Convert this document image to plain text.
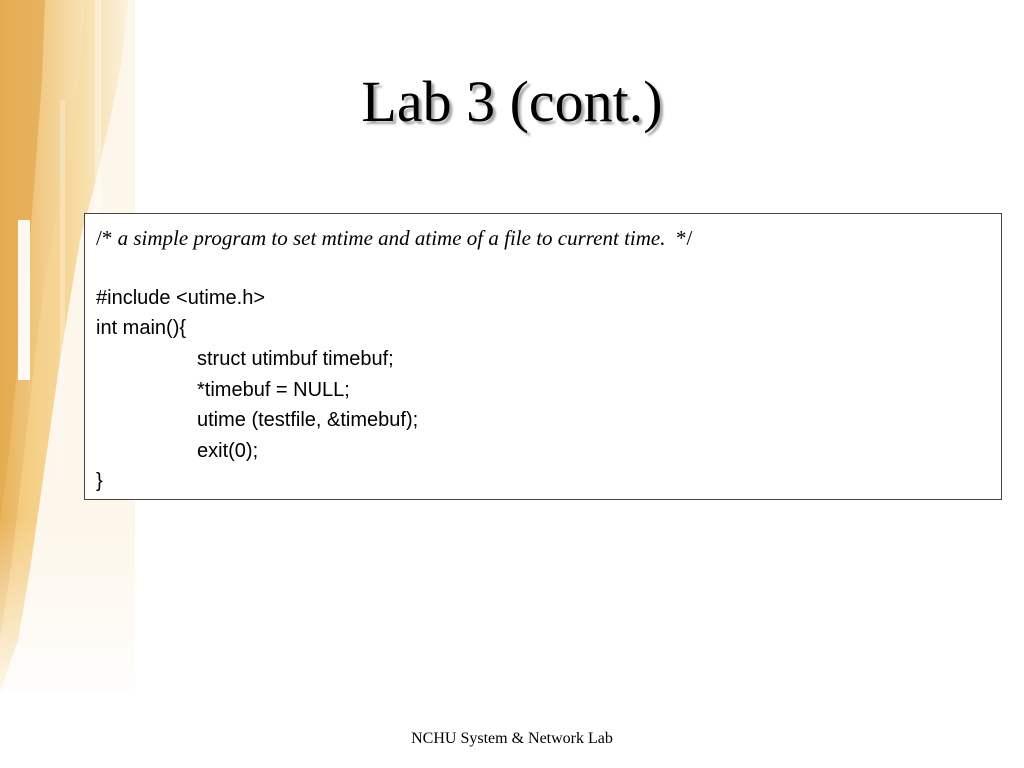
Lab 3 (cont.)
/* a simple program to set mtime and atime of a file to current time.  */
#include <utime.h>
int main(){
struct utimbuf timebuf;
*timebuf = NULL;
utime (testfile, &timebuf);
exit(0);
}
NCHU System & Network Lab
